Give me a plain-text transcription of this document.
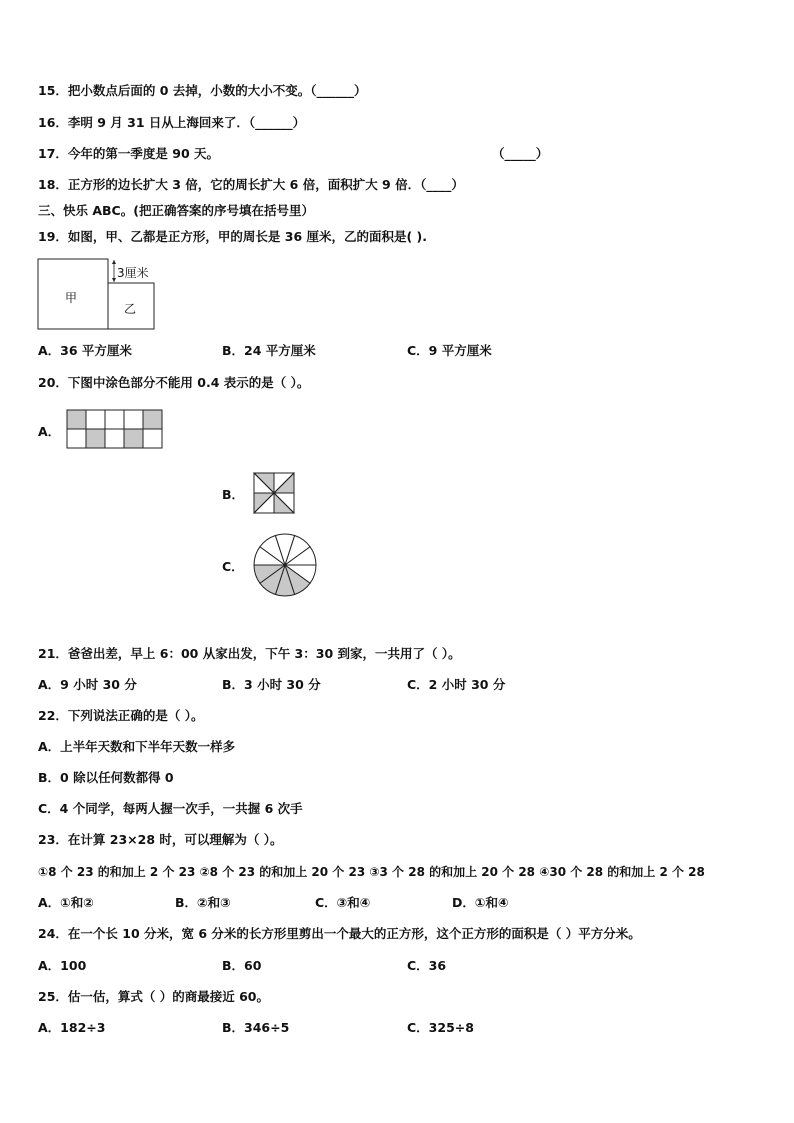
15．把小数点后面的 0 去掉，小数的大小不变。（______）
16．李明 9 月 31 日从上海回来了．（______）
17．今年的第一季度是 90 天。	（_____）
18．正方形的边长扩大 3 倍，它的周长扩大 6 倍，面积扩大 9 倍．（____）
三、快乐 ABC。(把正确答案的序号填在括号里）
19．如图，甲、乙都是正方形，甲的周长是 36 厘米，乙的面积是( ).
甲
乙
3厘米
A．36 平方厘米	B．24 平方厘米	C．9 平方厘米
20．下图中涂色部分不能用 0.4 表示的是（ ）。
A．
B．
C．
21．爸爸出差，早上 6：00 从家出发，下午 3：30 到家，一共用了（ ）。
A．9 小时 30 分	B．3 小时 30 分	C．2 小时 30 分
22．下列说法正确的是（ ）。
A．上半年天数和下半年天数一样多
B．0 除以任何数都得 0
C．4 个同学，每两人握一次手，一共握 6 次手
23．在计算 23×28 时，可以理解为（ ）。
①8 个 23 的和加上 2 个 23 ②8 个 23 的和加上 20 个 23 ③3 个 28 的和加上 20 个 28 ④30 个 28 的和加上 2 个 28
A．①和②	B．②和③	C．③和④	D．①和④
24．在一个长 10 分米，宽 6 分米的长方形里剪出一个最大的正方形，这个正方形的面积是（ ）平方分米。
A．100	B．60	C．36
25．估一估，算式（ ）的商最接近 60。
A．182÷3	B．346÷5	C．325÷8
